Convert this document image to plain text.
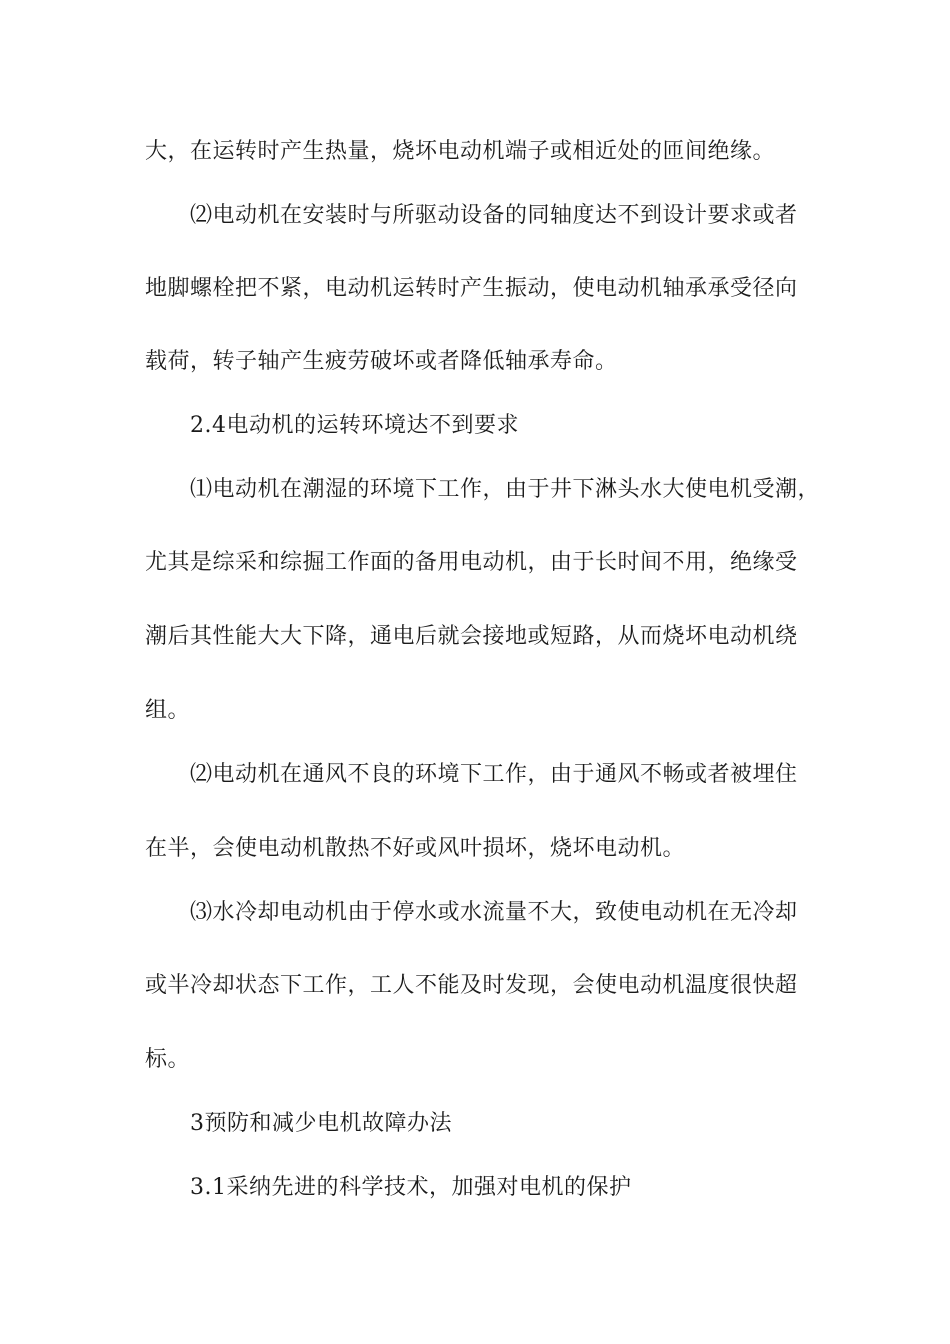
大，在运转时产生热量，烧坏电动机端子或相近处的匝间绝缘。
⑵电动机在安装时与所驱动设备的同轴度达不到设计要求或者
地脚螺栓把不紧，电动机运转时产生振动，使电动机轴承承受径向
载荷，转子轴产生疲劳破坏或者降低轴承寿命。
2.4电动机的运转环境达不到要求
⑴电动机在潮湿的环境下工作，由于井下淋头水大使电机受潮，
尤其是综采和综掘工作面的备用电动机，由于长时间不用，绝缘受
潮后其性能大大下降，通电后就会接地或短路，从而烧坏电动机绕
组。
⑵电动机在通风不良的环境下工作，由于通风不畅或者被埋住
在半，会使电动机散热不好或风叶损坏，烧坏电动机。
⑶水冷却电动机由于停水或水流量不大，致使电动机在无冷却
或半冷却状态下工作，工人不能及时发现，会使电动机温度很快超
标。
3预防和减少电机故障办法
3.1采纳先进的科学技术，加强对电机的保护
